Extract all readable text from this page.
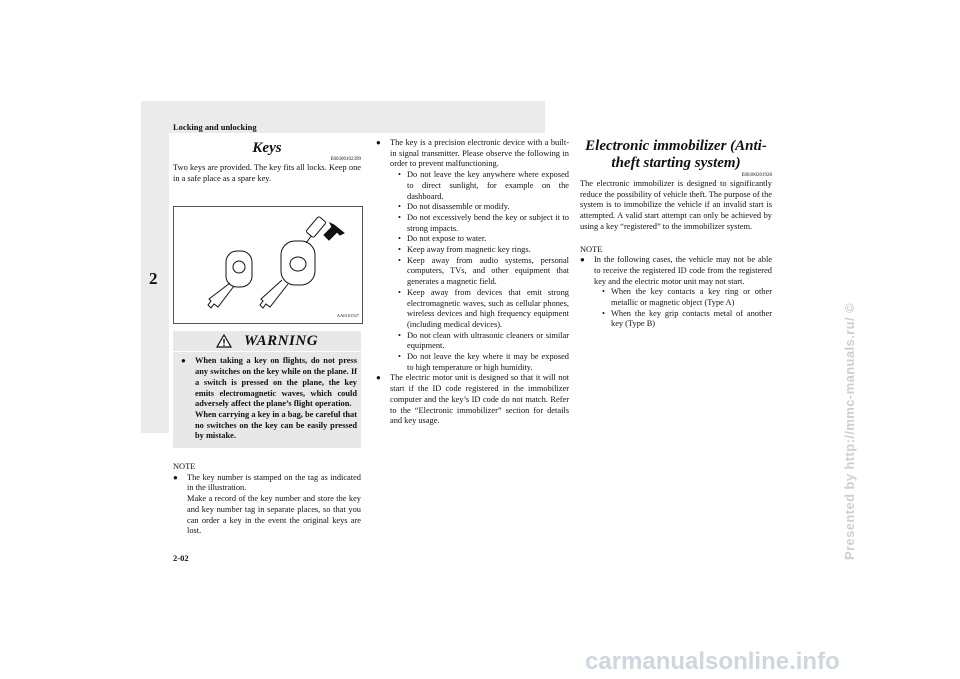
Locking and unlocking
2
2-02
Keys
E00300102399

Two keys are provided. The key fits all locks. Keep one in a safe place as a spare key.

AA0101527
WARNING
●	When taking a key on flights, do not press any switches on the key while on the plane. If a switch is pressed on the plane, the key emits electromagnetic waves, which could adversely affect the plane’s flight operation.

When carrying a key in a bag, be careful that no switches on the key can be easily pressed by mistake.

NOTE
●	The key number is stamped on the tag as indicated in the illustration.

Make a record of the key number and store the key and key number tag in separate places, so that you can order a key in the event the original keys are lost.

●	The key is a precision electronic device with a built-in signal transmitter. Please observe the following in order to prevent malfunctioning.

• Do not leave the key anywhere where exposed to direct sunlight, for example on the dashboard.

• Do not disassemble or modify.

• Do not excessively bend the key or subject it to strong impacts.

• Do not expose to water.

• Keep away from magnetic key rings.

• Keep away from audio systems, personal computers, TVs, and other equipment that generates a magnetic field.

• Keep away from devices that emit strong electromagnetic waves, such as cellular phones, wireless devices and high frequency equipment (including medical devices).

• Do not clean with ultrasonic cleaners or similar equipment.

• Do not leave the key where it may be exposed to high temperature or high humidity.

●	The electric motor unit is designed so that it will not start if the ID code registered in the immobilizer computer and the key’s ID code do not match. Refer to the “Electronic immobilizer” section for details and key usage.

Electronic immobilizer (Anti-theft starting system)
E00300201928

The electronic immobilizer is designed to significantly reduce the possibility of vehicle theft. The purpose of the system is to immobilize the vehicle if an invalid start is attempted. A valid start attempt can only be achieved by using a key “registered” to the immobilizer system.

NOTE
●	In the following cases, the vehicle may not be able to receive the registered ID code from the registered key and the electric motor unit may not start.

• When the key contacts a key ring or other metallic or magnetic object (Type A)

• When the key grip contacts metal of another key (Type B)	Presented by http://mmc-manuals.ru/ ©
carmanualsonline.info
